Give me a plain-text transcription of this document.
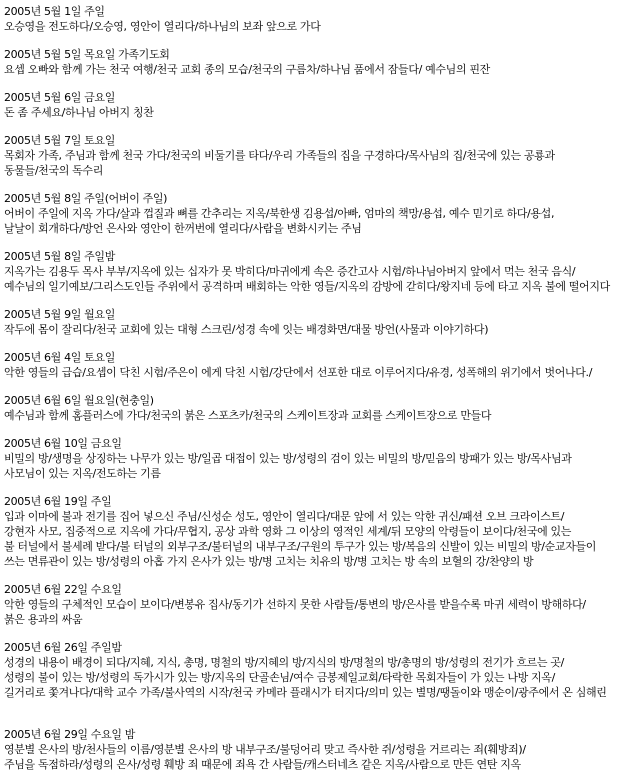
2005년 5월 1일 주일
오승영을 전도하다/오승영, 영안이 열리다/하나님의 보좌 앞으로 가다
2005년 5월 5일 목요일 가족기도회
요셉 오빠와 함께 가는 천국 여행/천국 교회 종의 모습/천국의 구름차/하나님 품에서 잠들다/ 예수님의 핀잔
2005년 5월 6일 금요일
돈 좀 주세요/하나님 아버지 칭찬
2005년 5월 7일 토요일
목회자 가족, 주님과 함께 천국 가다/천국의 비둘기를 타다/우리 가족들의 집을 구경하다/목사님의 집/천국에 있는 공룡과
동물들/천국의 독수리
2005년 5월 8일 주일(어버이 주일)
어버이 주일에 지옥 가다/살과 껍질과 뼈를 간추리는 지옥/북한생 김용섭/아빠, 엄마의 책망/용섭, 예수 믿기로 하다/용섭,
날날이 회개하다/방언 은사와 영안이 한꺼번에 열리다/사람을 변화시키는 주님
2005년 5월 8일 주일밤
지옥가는 김용두 목사 부부/지옥에 있는 십자가 못 박히다/마귀에게 속은 증간고사 시험/하나님아버지 앞에서 먹는 천국 음식/
예수님의 일기예보/그리스도인들 주위에서 공격하며 배회하는 악한 영들/지옥의 감방에 갇히다/왕지네 등에 타고 지옥 불에 떨어지다
2005년 5월 9일 월요일
작두에 몸이 잘리다/천국 교회에 있는 대형 스크린/성경 속에 잇는 배경화면/대물 방언(사물과 이야기하다)
2005년 6월 4일 토요일
악한 영들의 급습/요셉이 닥친 시험/주은이 에게 닥친 시험/강단에서 선포한 대로 이루어지다/유경, 성폭해의 위기에서 벗어나다./
2005년 6월 6일 월요일(현충일)
예수님과 함께 홈플러스에 가다/천국의 붉은 스포츠카/천국의 스케이트장과 교회를 스케이트장으로 만들다
2005년 6월 10일 금요일
비밀의 방/생명을 상징하는 나무가 있는 방/일곱 대접이 있는 방/성령의 검이 있는 비밀의 방/믿음의 방패가 있는 방/목사님과
사모님이 있는 지옥/전도하는 기름
2005년 6월 19일 주일
입과 이마에 불과 전기를 집어 넣으신 주님/신성순 성도, 영안이 열리다/대문 앞에 서 있는 악한 귀신/패션 오브 크라이스트/
강현자 사모, 집중적으로 지옥에 가다/무협지, 공상 과학 영화 그 이상의 영적인 세계/뒤 모양의 악령들이 보이다/천국에 있는
불 터널에서 불세례 받다/불 터널의 외부구조/불터널의 내부구조/구원의 투구가 있는 방/복음의 신발이 있는 비밀의 방/순교자들이
쓰는 면류관이 있는 방/성령의 아홉 가지 은사가 있는 방/병 고치는 치유의 방/병 고치는 방 속의 보혈의 강/찬양의 방
2005년 6월 22일 수요일
악한 영들의 구체적인 모습이 보이다/변봉유 집사/동기가 선하지 못한 사람들/통변의 방/은사를 받을수록 마귀 세력이 방해하다/
붉은 용과의 싸움
2005년 6월 26일 주일밤
성경의 내용이 배경이 되다/지혜, 지식, 총명, 명철의 방/지혜의 방/지식의 방/명철의 방/총명의 방/성령의 전기가 흐르는 곳/
성령의 불이 있는 방/성령의 독가시가 있는 방/지옥의 단골손님/여수 금봉제일교회/타락한 목회자들이 가 있는 나방 지옥/
길거리로 쫓겨나다/대학 교수 가족/불사역의 시작/천국 카메라 플래시가 터지다/의미 있는 별명/땡돌이와 맹순이/광주에서 온 심해린
2005년 6월 29일 수요일 밤
영분별 은사의 방/천사들의 이름/영분별 은사의 방 내부구조/불덩어리 맞고 즉사한 쥐/성령을 거르리는 죄(훼방죄)/
주님을 독점하라/성령의 은사/성령 훼방 죄 때문에 죄욕 간 사람들/캐스터네츠 같은 지옥/사람으로 만든 연탄 지옥
